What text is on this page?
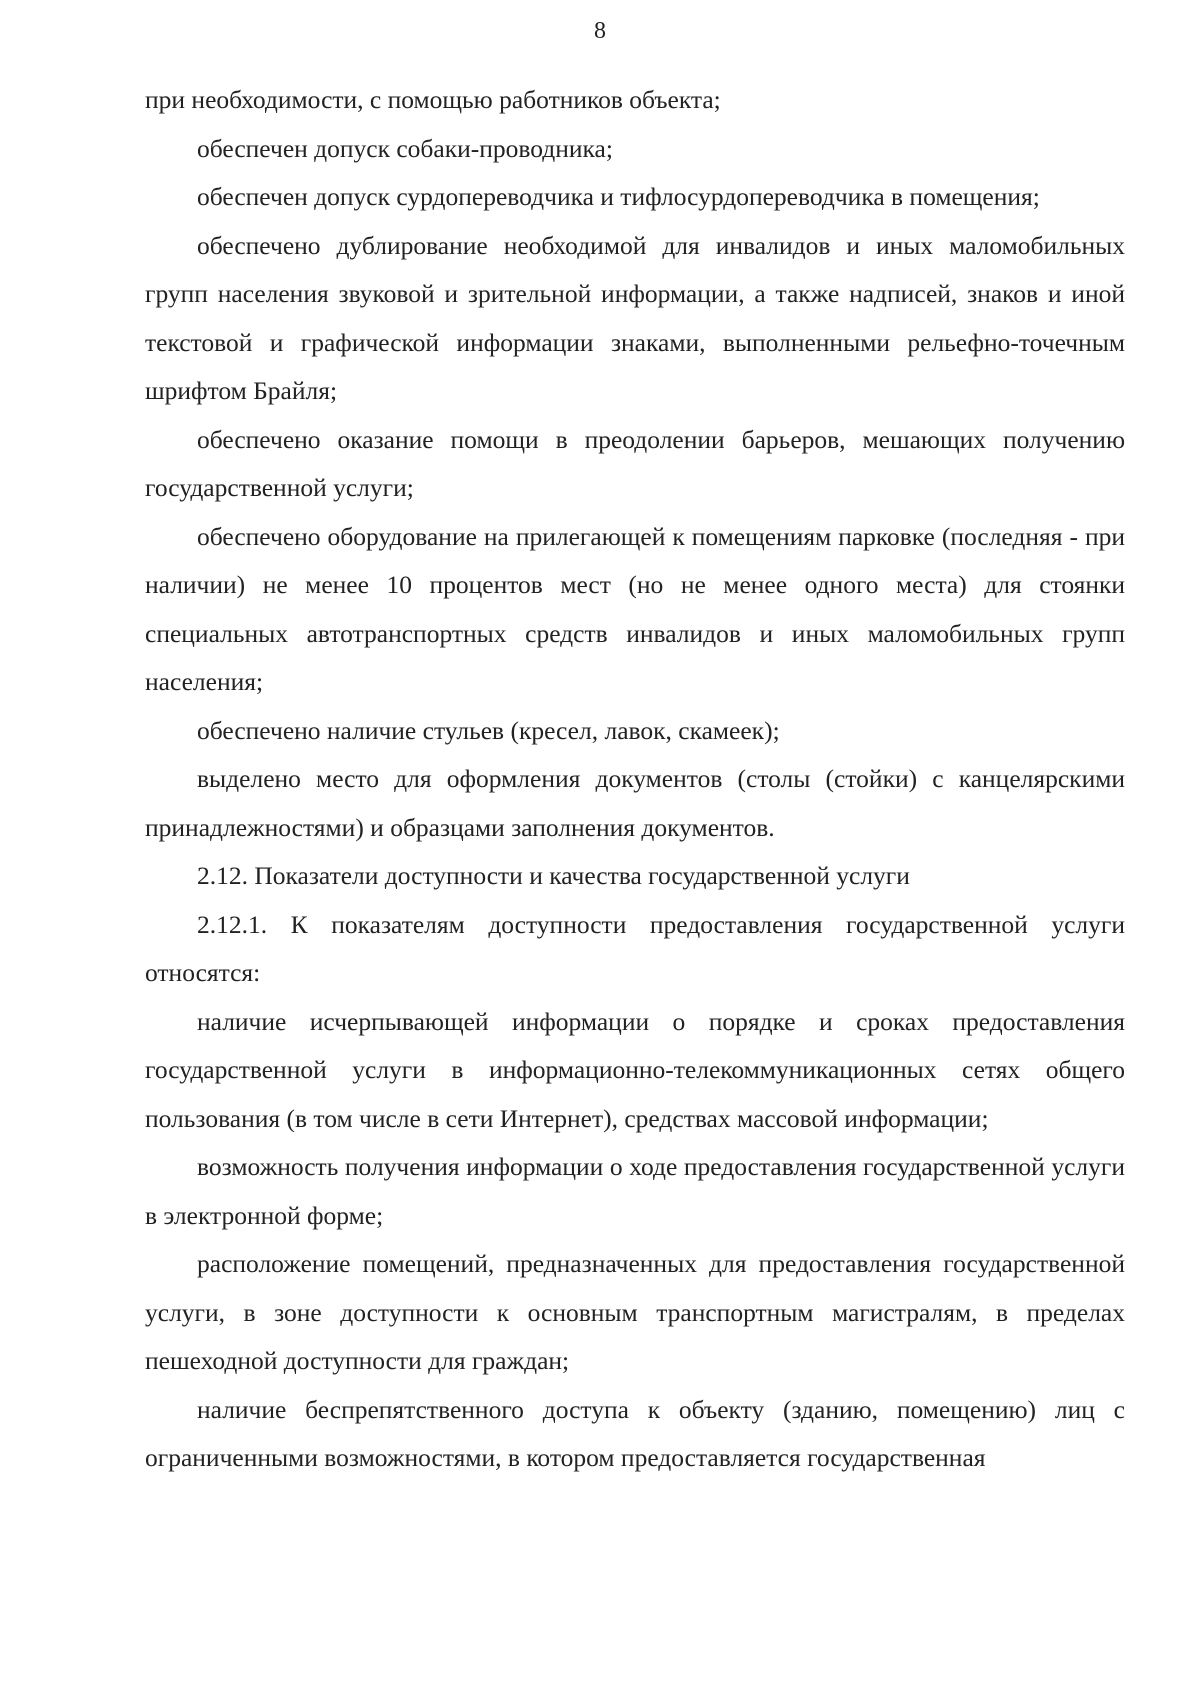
8

при необходимости, с помощью работников объекта;

обеспечен допуск собаки-проводника;

обеспечен допуск сурдопереводчика и тифлосурдопереводчика в помещения;

обеспечено дублирование необходимой для инвалидов и иных маломобильных групп населения звуковой и зрительной информации, а также надписей, знаков и иной текстовой и графической информации знаками, выполненными рельефно-точечным шрифтом Брайля;

обеспечено оказание помощи в преодолении барьеров, мешающих получению государственной услуги;

обеспечено оборудование на прилегающей к помещениям парковке (последняя - при наличии) не менее 10 процентов мест (но не менее одного места) для стоянки специальных автотранспортных средств инвалидов и иных маломобильных групп населения;

обеспечено наличие стульев (кресел, лавок, скамеек);

выделено место для оформления документов (столы (стойки) с канцелярскими принадлежностями) и образцами заполнения документов.

2.12. Показатели доступности и качества государственной услуги

2.12.1. К показателям доступности предоставления государственной услуги относятся:

наличие исчерпывающей информации о порядке и сроках предоставления государственной услуги в информационно-телекоммуникационных сетях общего пользования (в том числе в сети Интернет), средствах массовой информации;

возможность получения информации о ходе предоставления государственной услуги в электронной форме;

расположение помещений, предназначенных для предоставления государственной услуги, в зоне доступности к основным транспортным магистралям, в пределах пешеходной доступности для граждан;

наличие беспрепятственного доступа к объекту (зданию, помещению) лиц с ограниченными возможностями, в котором предоставляется государственная
